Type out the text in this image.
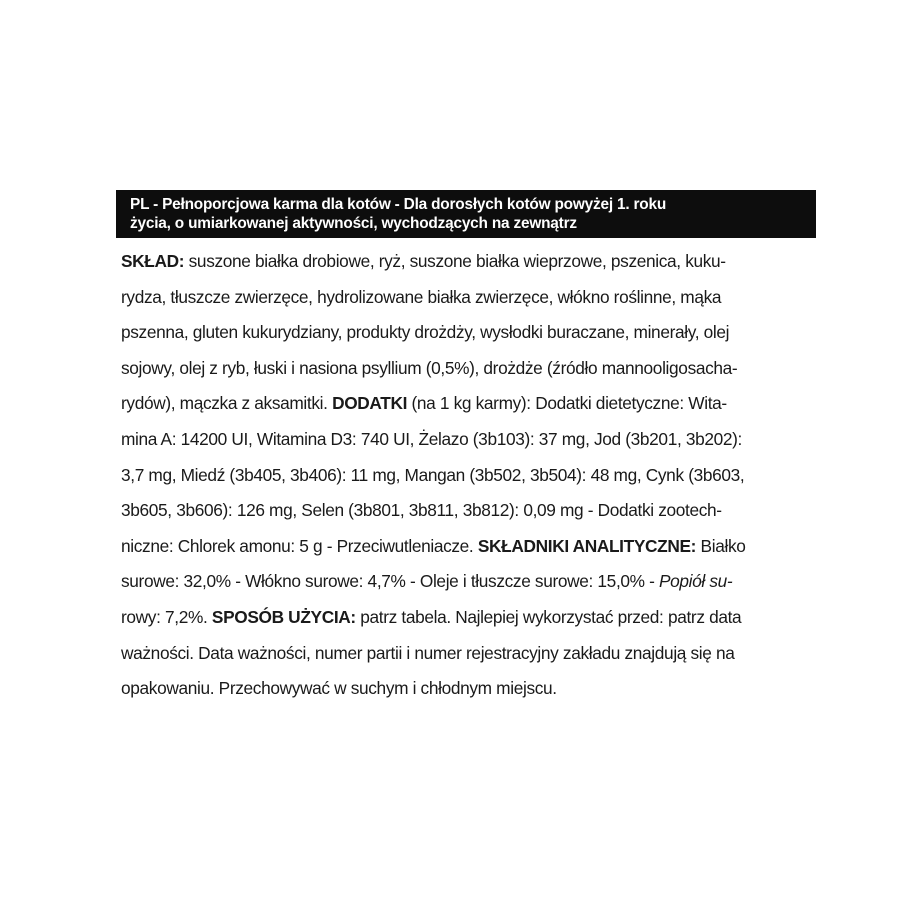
PL - Pełnoporcjowa karma dla kotów - Dla dorosłych kotów powyżej 1. roku
życia, o umiarkowanej aktywności, wychodzących na zewnątrz
SKŁAD: suszone białka drobiowe, ryż, suszone białka wieprzowe, pszenica, kuku-
rydza, tłuszcze zwierzęce, hydrolizowane białka zwierzęce, włókno roślinne, mąka
pszenna, gluten kukurydziany, produkty drożdży, wysłodki buraczane, minerały, olej
sojowy, olej z ryb, łuski i nasiona psyllium (0,5%), drożdże (źródło mannooligosacha-
rydów), mączka z aksamitki. DODATKI (na 1 kg karmy): Dodatki dietetyczne: Wita-
mina A: 14200 UI, Witamina D3: 740 UI, Żelazo (3b103): 37 mg, Jod (3b201, 3b202):
3,7 mg, Miedź (3b405, 3b406): 11 mg, Mangan (3b502, 3b504): 48 mg, Cynk (3b603,
3b605, 3b606): 126 mg, Selen (3b801, 3b811, 3b812): 0,09 mg - Dodatki zootech-
niczne: Chlorek amonu: 5 g - Przeciwutleniacze. SKŁADNIKI ANALITYCZNE: Białko
surowe: 32,0% - Włókno surowe: 4,7% - Oleje i tłuszcze surowe: 15,0% - Popiół su-
rowy: 7,2%. SPOSÓB UŻYCIA: patrz tabela. Najlepiej wykorzystać przed: patrz data
ważności. Data ważności, numer partii i numer rejestracyjny zakładu znajdują się na
opakowaniu. Przechowywać w suchym i chłodnym miejscu.
